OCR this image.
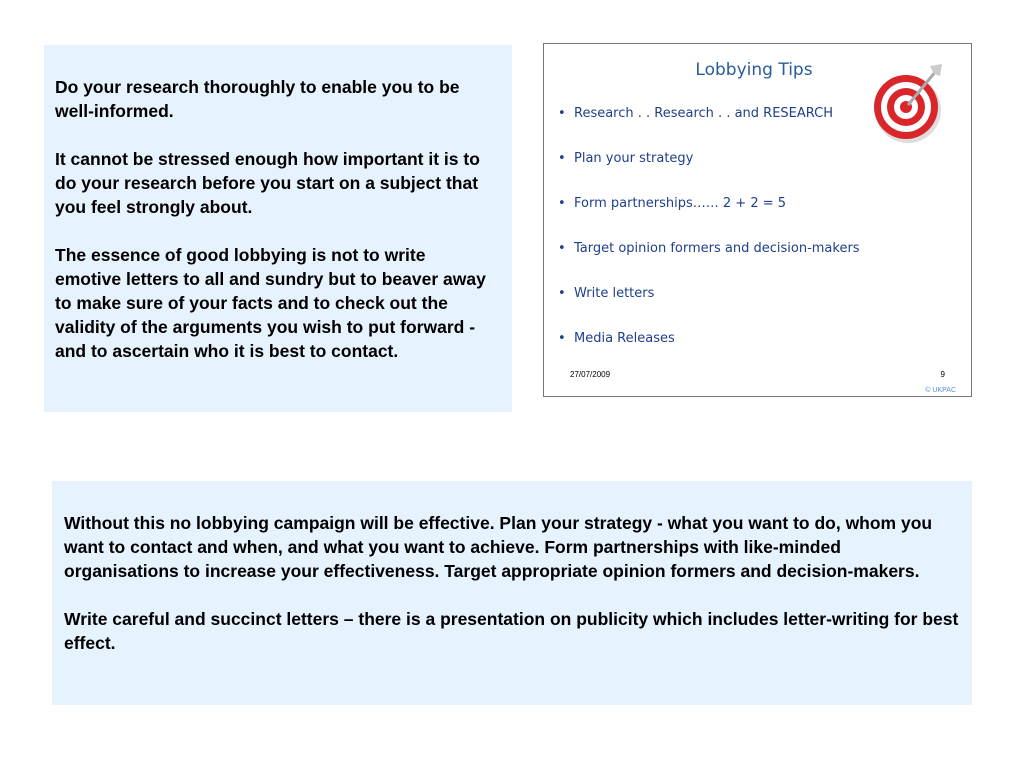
Do your research thoroughly to enable you to be well-informed.

It cannot be stressed enough how important it is to do your research before you start on a subject that you feel strongly about.

The essence of good lobbying is not to write emotive letters to all and sundry but to beaver away to make sure of your facts and to check out the validity of the arguments you wish to put forward - and to ascertain who it is best to contact.

Lobbying Tips
• Research . . Research . . and RESEARCH
• Plan your strategy
• Form partnerships…… 2 + 2 = 5
• Target opinion formers and decision-makers
• Write letters
• Media Releases
27/07/2009	9
© UKPAC

Without this no lobbying campaign will be effective. Plan your strategy - what you want to do, whom you want to contact and when, and what you want to achieve. Form partnerships with like-minded organisations to increase your effectiveness. Target appropriate opinion formers and decision-makers.

Write careful and succinct letters – there is a presentation on publicity which includes letter-writing for best effect.
